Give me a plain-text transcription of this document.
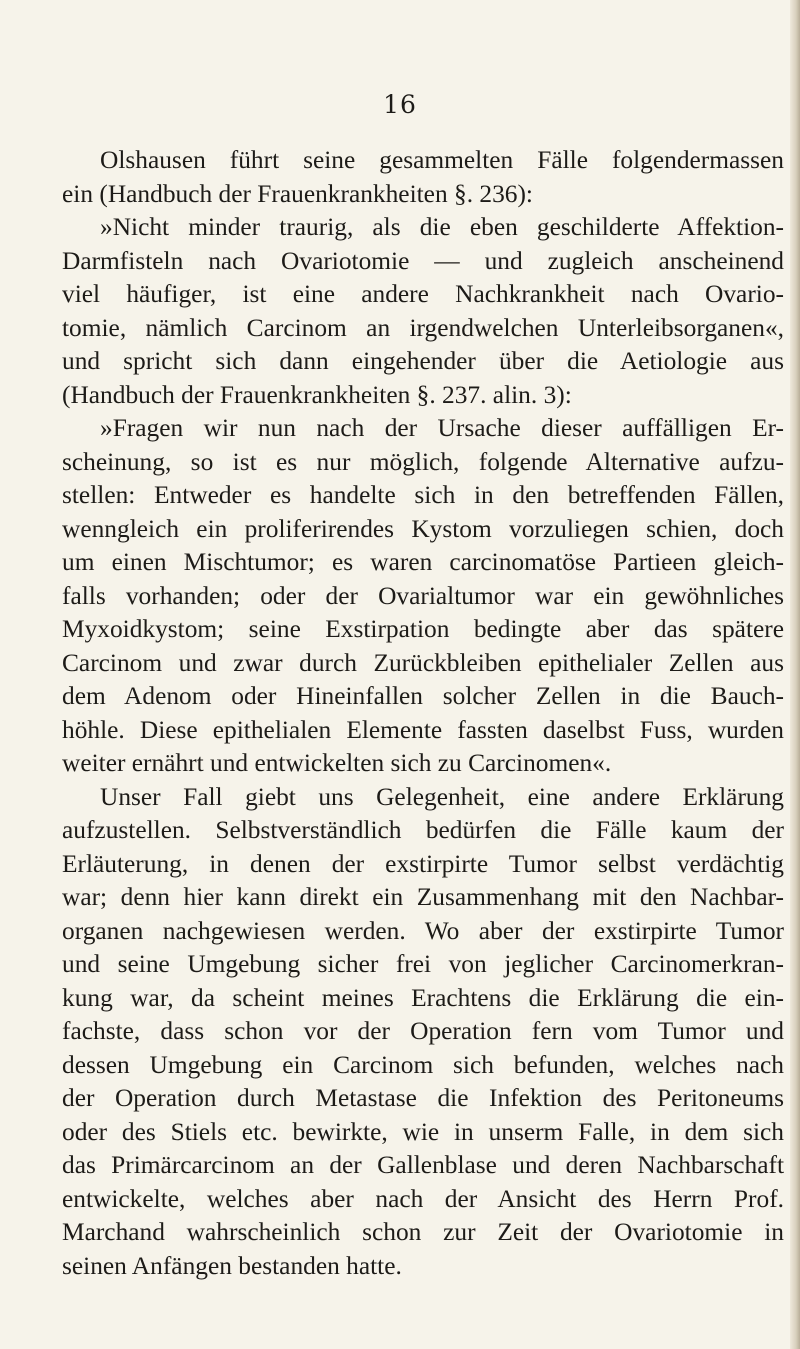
16
Olshausen führt seine gesammelten Fälle folgendermassen
ein (Handbuch der Frauenkrankheiten §. 236):
»Nicht minder traurig, als die eben geschilderte Affektion-
Darmfisteln nach Ovariotomie — und zugleich anscheinend
viel häufiger, ist eine andere Nachkrankheit nach Ovario-
tomie, nämlich Carcinom an irgendwelchen Unterleibsorganen«,
und spricht sich dann eingehender über die Aetiologie aus
(Handbuch der Frauenkrankheiten §. 237. alin. 3):
»Fragen wir nun nach der Ursache dieser auffälligen Er-
scheinung, so ist es nur möglich, folgende Alternative aufzu-
stellen: Entweder es handelte sich in den betreffenden Fällen,
wenngleich ein proliferirendes Kystom vorzuliegen schien, doch
um einen Mischtumor; es waren carcinomatöse Partieen gleich-
falls vorhanden; oder der Ovarialtumor war ein gewöhnliches
Myxoidkystom; seine Exstirpation bedingte aber das spätere
Carcinom und zwar durch Zurückbleiben epithelialer Zellen aus
dem Adenom oder Hineinfallen solcher Zellen in die Bauch-
höhle. Diese epithelialen Elemente fassten daselbst Fuss, wurden
weiter ernährt und entwickelten sich zu Carcinomen«.
Unser Fall giebt uns Gelegenheit, eine andere Erklärung
aufzustellen. Selbstverständlich bedürfen die Fälle kaum der
Erläuterung, in denen der exstirpirte Tumor selbst verdächtig
war; denn hier kann direkt ein Zusammenhang mit den Nachbar-
organen nachgewiesen werden. Wo aber der exstirpirte Tumor
und seine Umgebung sicher frei von jeglicher Carcinomerkran-
kung war, da scheint meines Erachtens die Erklärung die ein-
fachste, dass schon vor der Operation fern vom Tumor und
dessen Umgebung ein Carcinom sich befunden, welches nach
der Operation durch Metastase die Infektion des Peritoneums
oder des Stiels etc. bewirkte, wie in unserm Falle, in dem sich
das Primärcarcinom an der Gallenblase und deren Nachbarschaft
entwickelte, welches aber nach der Ansicht des Herrn Prof.
Marchand wahrscheinlich schon zur Zeit der Ovariotomie in
seinen Anfängen bestanden hatte.
